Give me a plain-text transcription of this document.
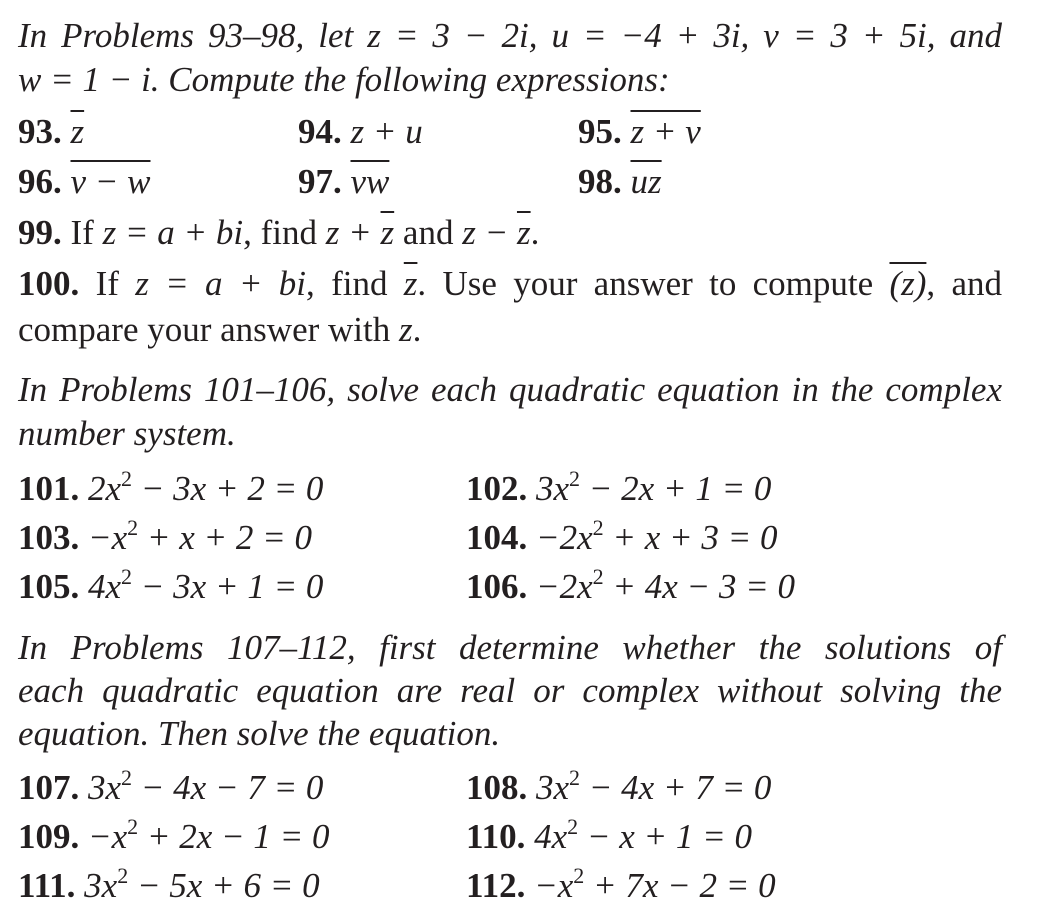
In Problems 93–98, let z = 3 − 2i, u = −4 + 3i, v = 3 + 5i, and
w = 1 − i. Compute the following expressions:
93. $\overline{z}$	94. z + u	95. z + v
96. v − w	97. $\overline{vw}$	98. $\overline{uz}$
99. If z = a + bi, find $z + \overline{z}$ and $z - \overline{z}$.
100. If z = a + bi, find $\overline{z}$. Use your answer to compute (z), and
compare your answer with z.
In Problems 101–106, solve each quadratic equation in the complex
number system.
101. $2x^2 - 3x + 2 = 0$	102. $3x^2 - 2x + 1 = 0$
103. $-x^2 + x + 2 = 0$	104. $-2x^2 + x + 3 = 0$
105. $4x^2 - 3x + 1 = 0$	106. $-2x^2 + 4x - 3 = 0$
In Problems 107–112, first determine whether the solutions of
each quadratic equation are real or complex without solving the
equation. Then solve the equation.
107. $3x^2 - 4x - 7 = 0$	108. $3x^2 - 4x + 7 = 0$
109. $-x^2 + 2x - 1 = 0$	110. $4x^2 - x + 1 = 0$
111. $3x^2 - 5x + 6 = 0$	112. $-x^2 + 7x - 2 = 0$
